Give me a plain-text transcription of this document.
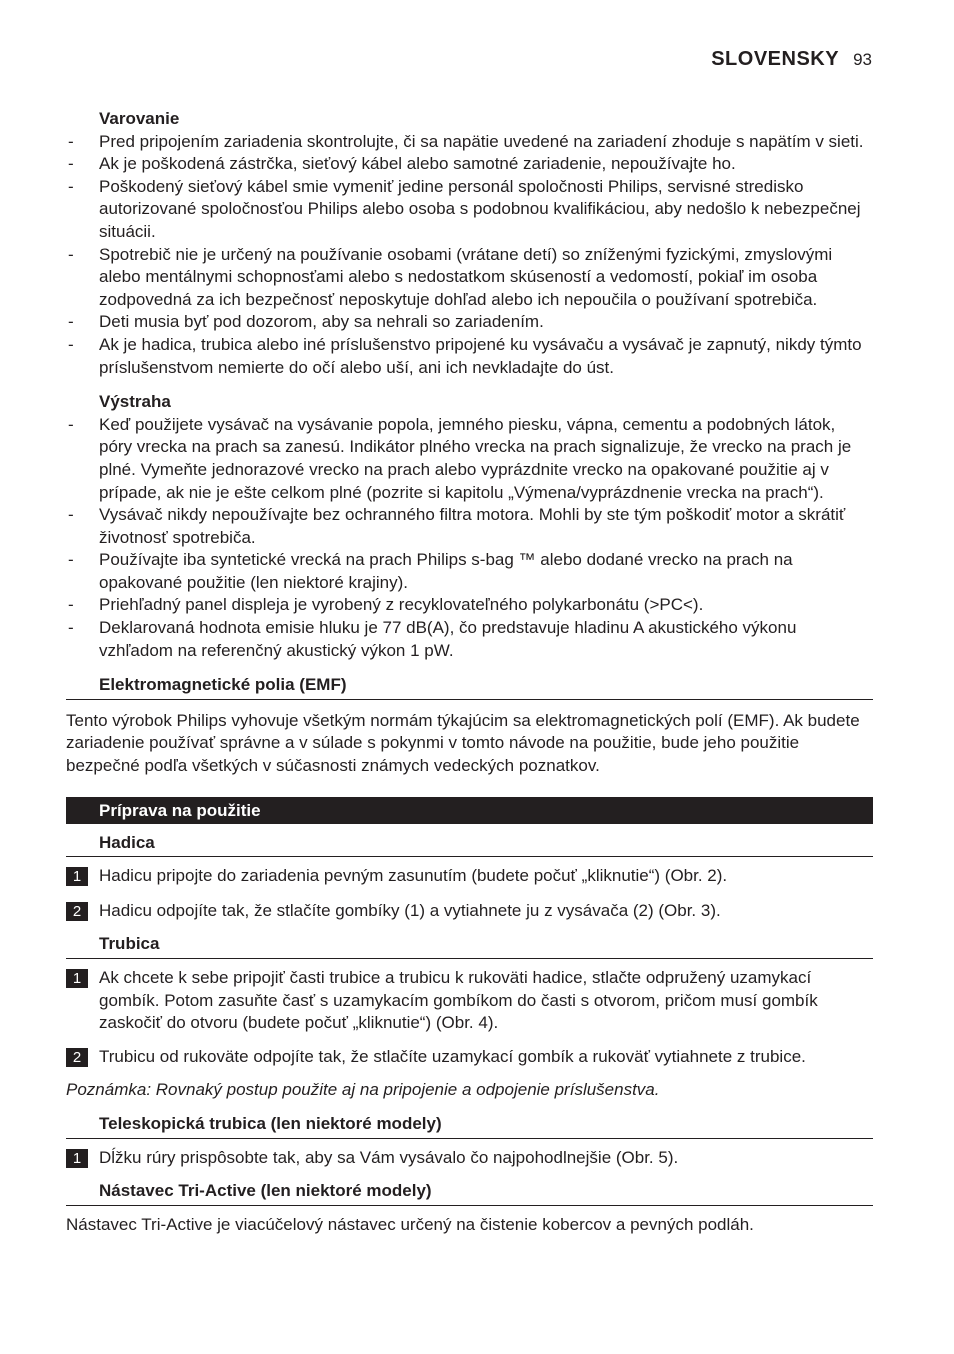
SLOVENSKY 93

Varovanie

- Pred pripojením zariadenia skontrolujte, či sa napätie uvedené na zariadení zhoduje s napätím v sieti.
- Ak je poškodená zástrčka, sieťový kábel alebo samotné zariadenie, nepoužívajte ho.
- Poškodený sieťový kábel smie vymeniť jedine personál spoločnosti Philips, servisné stredisko autorizované spoločnosťou Philips alebo osoba s podobnou kvalifikáciou, aby nedošlo k nebezpečnej situácii.
- Spotrebič nie je určený na používanie osobami (vrátane detí) so zníženými fyzickými, zmyslovými alebo mentálnymi schopnosťami alebo s nedostatkom skúseností a vedomostí, pokiaľ im osoba zodpovedná za ich bezpečnosť neposkytuje dohľad alebo ich nepoučila o používaní spotrebiča.
- Deti musia byť pod dozorom, aby sa nehrali so zariadením.
- Ak je hadica, trubica alebo iné príslušenstvo pripojené ku vysávaču a vysávač je zapnutý, nikdy týmto príslušenstvom nemierte do očí alebo uší, ani ich nevkladajte do úst.

Výstraha

- Keď použijete vysávač na vysávanie popola, jemného piesku, vápna, cementu a podobných látok, póry vrecka na prach sa zanesú. Indikátor plného vrecka na prach signalizuje, že vrecko na prach je plné. Vymeňte jednorazové vrecko na prach alebo vyprázdnite vrecko na opakované použitie aj v prípade, ak nie je ešte celkom plné (pozrite si kapitolu „Výmena/vyprázdnenie vrecka na prach“).
- Vysávač nikdy nepoužívajte bez ochranného filtra motora. Mohli by ste tým poškodiť motor a skrátiť životnosť spotrebiča.
- Používajte iba syntetické vrecká na prach Philips s-bag ™ alebo dodané vrecko na prach na opakované použitie (len niektoré krajiny).
- Priehľadný panel displeja je vyrobený z recyklovateľného polykarbonátu (>PC<).
- Deklarovaná hodnota emisie hluku je 77 dB(A), čo predstavuje hladinu A akustického výkonu vzhľadom na referenčný akustický výkon 1 pW.

Elektromagnetické polia (EMF)

Tento výrobok Philips vyhovuje všetkým normám týkajúcim sa elektromagnetických polí (EMF). Ak budete zariadenie používať správne a v súlade s pokynmi v tomto návode na použitie, bude jeho použitie bezpečné podľa všetkých v súčasnosti známych vedeckých poznatkov.

Príprava na použitie

Hadica

1	Hadicu pripojte do zariadenia pevným zasunutím (budete počuť „kliknutie“) (Obr. 2).
2	Hadicu odpojíte tak, že stlačíte gombíky (1) a vytiahnete ju z vysávača (2) (Obr. 3).

Trubica

1	Ak chcete k sebe pripojiť časti trubice a trubicu k rukoväti hadice, stlačte odpružený uzamykací gombík. Potom zasuňte časť s uzamykacím gombíkom do časti s otvorom, pričom musí gombík zaskočiť do otvoru (budete počuť „kliknutie“) (Obr. 4).
2	Trubicu od rukoväte odpojíte tak, že stlačíte uzamykací gombík a rukoväť vytiahnete z trubice.

Poznámka: Rovnaký postup použite aj na pripojenie a odpojenie príslušenstva.

Teleskopická trubica (len niektoré modely)

1	Dĺžku rúry prispôsobte tak, aby sa Vám vysávalo čo najpohodlnejšie (Obr. 5).

Nástavec Tri-Active (len niektoré modely)

Nástavec Tri-Active je viacúčelový nástavec určený na čistenie kobercov a pevných podláh.
